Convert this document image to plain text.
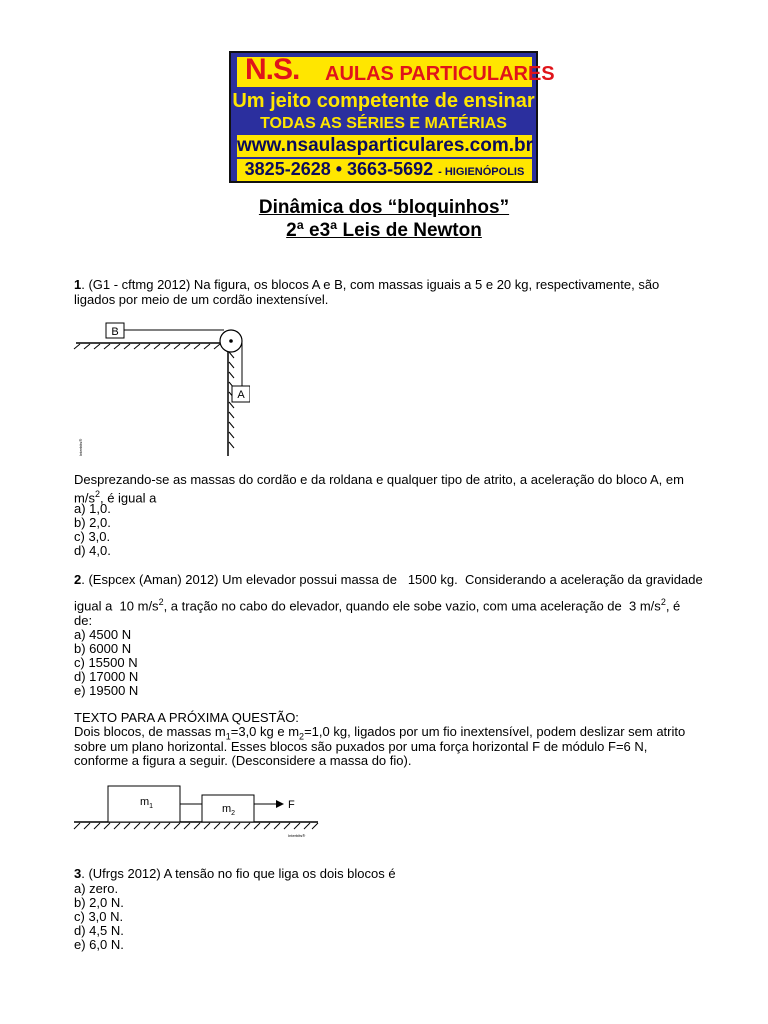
N.S. AULAS PARTICULARES
Um jeito competente de ensinar
TODAS AS SÉRIES E MATÉRIAS
www.nsaulasparticulares.com.br
3825-2628 • 3663-5692 - HIGIENÓPOLIS
Dinâmica dos “bloquinhos”
2ª e3ª Leis de Newton
1. (G1 - cftmg 2012) Na figura, os blocos A e B, com massas iguais a 5 e 20 kg, respectivamente, são
ligados por meio de um cordão inextensível.
B
A
Interbits®
Desprezando-se as massas do cordão e da roldana e qualquer tipo de atrito, a aceleração do bloco A, em
$m/s^2$, é igual a
a) 1,0.
b) 2,0.
c) 3,0.
d) 4,0.
2. (Espcex (Aman) 2012) Um elevador possui massa de 1500 kg. Considerando a aceleração da gravidade
igual a 10 $m/s^2$, a tração no cabo do elevador, quando ele sobe vazio, com uma aceleração de 3 $m/s^2$, é
de:
a) 4500 N
b) 6000 N
c) 15500 N
d) 17000 N
e) 19500 N
TEXTO PARA A PRÓXIMA QUESTÃO:
Dois blocos, de massas $m_1=3,0$ kg e $m_2=1,0$ kg, ligados por um fio inextensível, podem deslizar sem atrito
sobre um plano horizontal. Esses blocos são puxados por uma força horizontal F de módulo F=6 N,
conforme a figura a seguir. (Desconsidere a massa do fio).
$m_1$	$m_2$
F
Interbits®
3. (Ufrgs 2012) A tensão no fio que liga os dois blocos é
a) zero.
b) 2,0 N.
c) 3,0 N.
d) 4,5 N.
e) 6,0 N.
